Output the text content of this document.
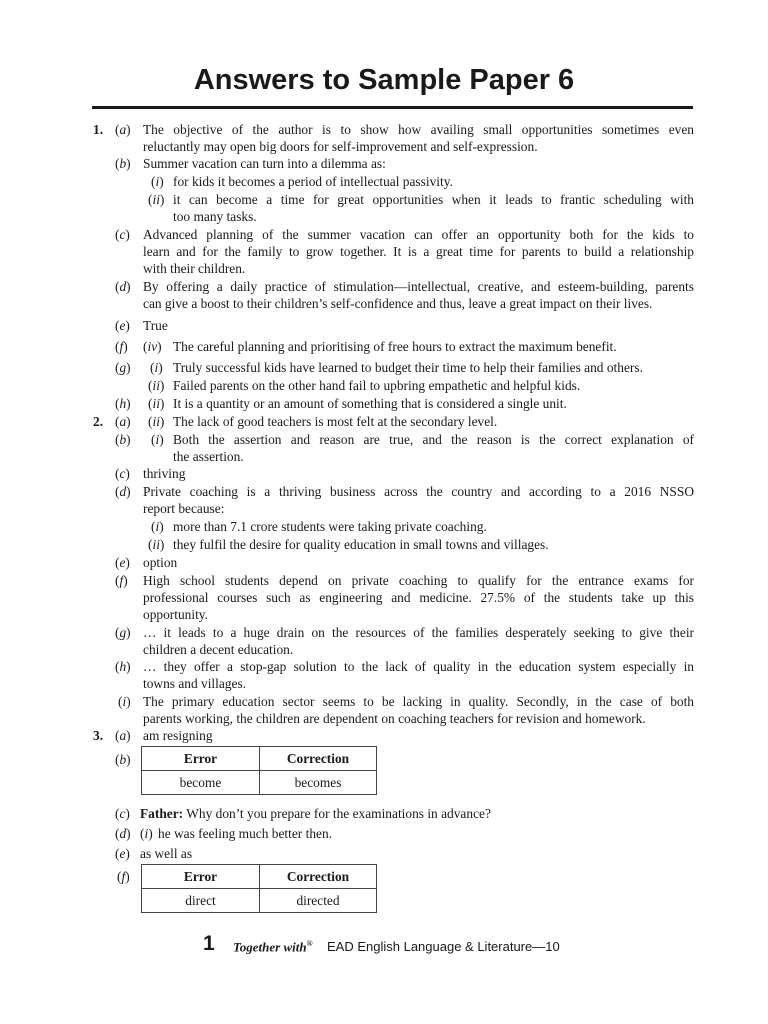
Answers to Sample Paper 6
1. (a) The objective of the author is to show how availing small opportunities sometimes even
reluctantly may open big doors for self-improvement and self-expression.
(b) Summer vacation can turn into a dilemma as:
(i) for kids it becomes a period of intellectual passivity.
(ii) it can become a time for great opportunities when it leads to frantic scheduling with
too many tasks.
(c) Advanced planning of the summer vacation can offer an opportunity both for the kids to
learn and for the family to grow together. It is a great time for parents to build a relationship
with their children.
(d) By offering a daily practice of stimulation—intellectual, creative, and esteem-building, parents
can give a boost to their children’s self-confidence and thus, leave a great impact on their lives.
(e) True
(f) (iv) The careful planning and prioritising of free hours to extract the maximum benefit.
(g) (i) Truly successful kids have learned to budget their time to help their families and others.
(ii) Failed parents on the other hand fail to upbring empathetic and helpful kids.
(h) (ii) It is a quantity or an amount of something that is considered a single unit.
2. (a) (ii) The lack of good teachers is most felt at the secondary level.
(b) (i) Both the assertion and reason are true, and the reason is the correct explanation of
the assertion.
(c) thriving
(d) Private coaching is a thriving business across the country and according to a 2016 NSSO
report because:
(i) more than 7.1 crore students were taking private coaching.
(ii) they fulfil the desire for quality education in small towns and villages.
(e) option
(f) High school students depend on private coaching to qualify for the entrance exams for
professional courses such as engineering and medicine. 27.5% of the students take up this
opportunity.
(g) … it leads to a huge drain on the resources of the families desperately seeking to give their
children a decent education.
(h) … they offer a stop-gap solution to the lack of quality in the education system especially in
towns and villages.
(i) The primary education sector seems to be lacking in quality. Secondly, in the case of both
parents working, the children are dependent on coaching teachers for revision and homework.
3. (a) am resigning
(b)	Error	Correction
become	becomes
(c) Father: Why don’t you prepare for the examinations in advance?
(d) (i) he was feeling much better then.
(e) as well as
(f)	Error	Correction
direct	directed
1 Together with® EAD English Language & Literature—10
